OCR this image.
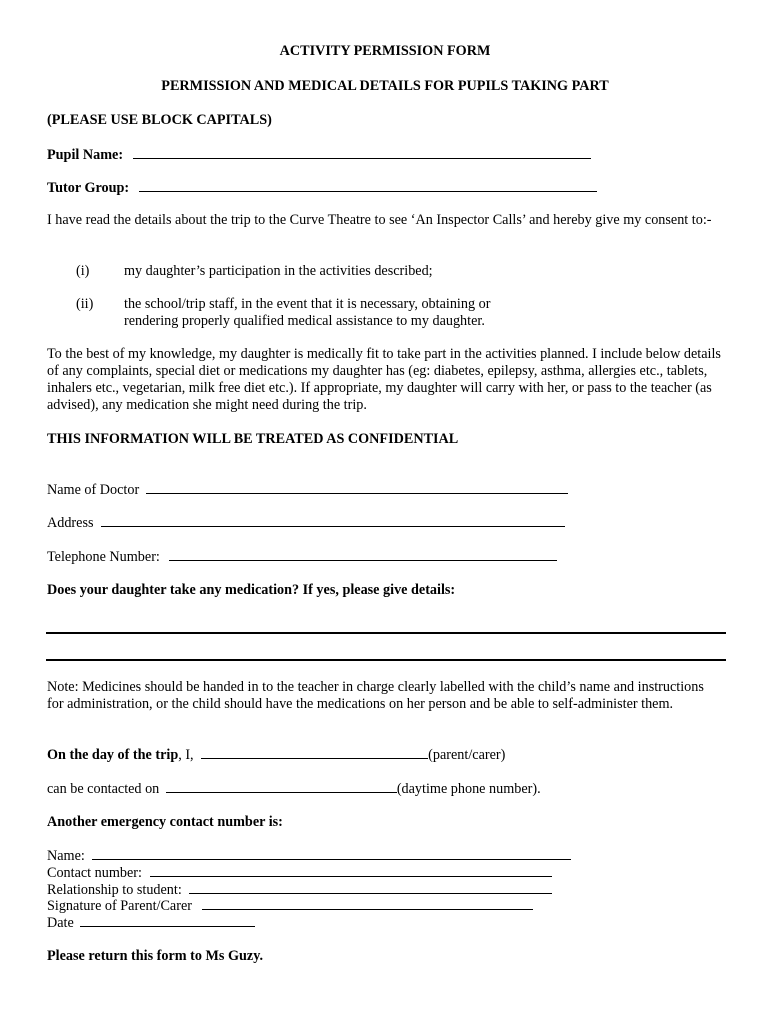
ACTIVITY PERMISSION FORM
PERMISSION AND MEDICAL DETAILS FOR PUPILS TAKING PART
(PLEASE USE BLOCK CAPITALS)
Pupil Name:
Tutor Group:
I have read the details about the trip to the Curve Theatre to see ‘An Inspector Calls’ and hereby give my consent to:-
(i) my daughter’s participation in the activities described;
(ii) the school/trip staff, in the event that it is necessary, obtaining or
rendering properly qualified medical assistance to my daughter.
To the best of my knowledge, my daughter is medically fit to take part in the activities planned. I include below details of any complaints, special diet or medications my daughter has (eg: diabetes, epilepsy, asthma, allergies etc., tablets, inhalers etc., vegetarian, milk free diet etc.). If appropriate, my daughter will carry with her, or pass to the teacher (as advised), any medication she might need during the trip.
THIS INFORMATION WILL BE TREATED AS CONFIDENTIAL
Name of Doctor
Address
Telephone Number:
Does your daughter take any medication? If yes, please give details:
Note: Medicines should be handed in to the teacher in charge clearly labelled with the child’s name and instructions for administration, or the child should have the medications on her person and be able to self-administer them.
On the day of the trip, I,	(parent/carer)
can be contacted on	(daytime phone number).
Another emergency contact number is:
Name:
Contact number:
Relationship to student:
Signature of Parent/Carer
Date
Please return this form to Ms Guzy.
